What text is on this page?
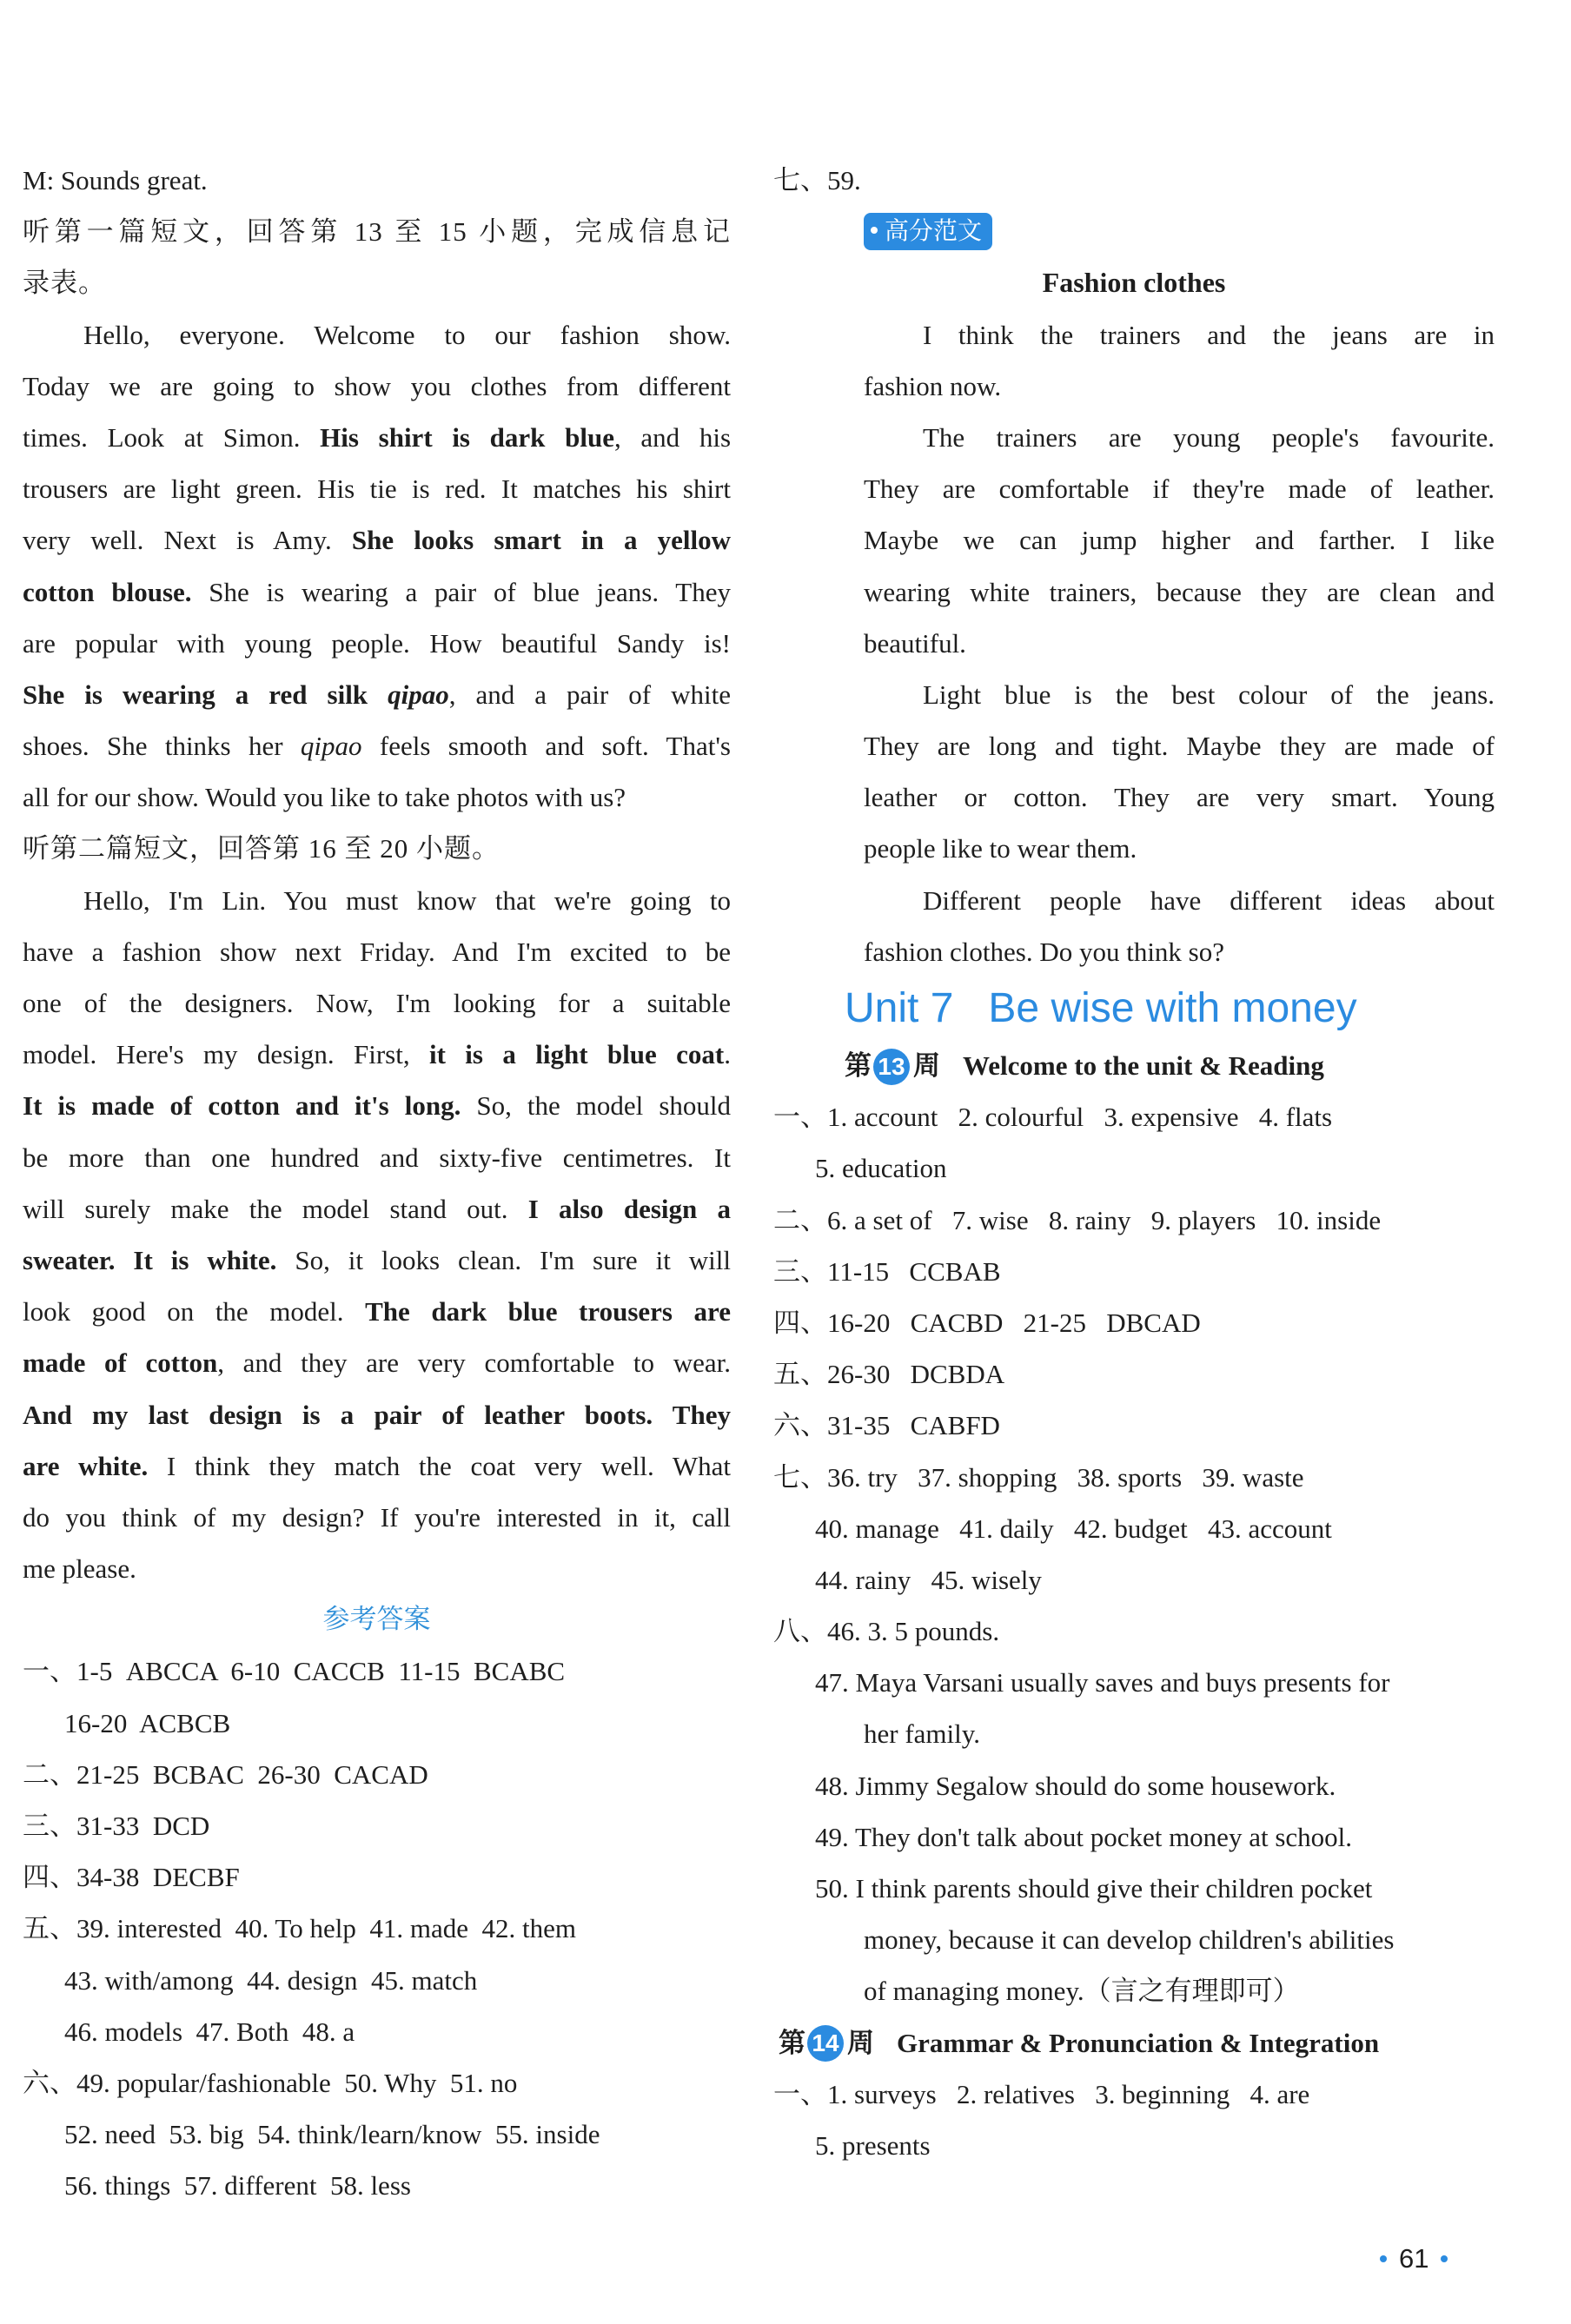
M: Sounds great.
听第一篇短文，回答第 13 至 15 小题，完成信息记
录表。
Hello, everyone. Welcome to our fashion show.
Today we are going to show you clothes from different
times. Look at Simon. His shirt is dark blue, and his
trousers are light green. His tie is red. It matches his shirt
very well. Next is Amy. She looks smart in a yellow
cotton blouse. She is wearing a pair of blue jeans. They
are popular with young people. How beautiful Sandy is!
She is wearing a red silk qipao, and a pair of white
shoes. She thinks her qipao feels smooth and soft. That's
all for our show. Would you like to take photos with us?
听第二篇短文，回答第 16 至 20 小题。
Hello, I'm Lin. You must know that we're going to
have a fashion show next Friday. And I'm excited to be
one of the designers. Now, I'm looking for a suitable
model. Here's my design. First, it is a light blue coat.
It is made of cotton and it's long. So, the model should
be more than one hundred and sixty-five centimetres. It
will surely make the model stand out. I also design a
sweater. It is white. So, it looks clean. I'm sure it will
look good on the model. The dark blue trousers are
made of cotton, and they are very comfortable to wear.
And my last design is a pair of leather boots. They
are white. I think they match the coat very well. What
do you think of my design? If you're interested in it, call
me please.
参考答案
一、1-5  ABCCA  6-10  CACCB  11-15  BCABC
16-20  ACBCB
二、21-25  BCBAC  26-30  CACAD
三、31-33  DCD
四、34-38  DECBF
五、39. interested  40. To help  41. made  42. them
43. with/among  44. design  45. match
46. models  47. Both  48. a
六、49. popular/fashionable  50. Why  51. no
52. need  53. big  54. think/learn/know  55. inside
56. things  57. different  58. less
七、59.
高分范文
Fashion clothes
I think the trainers and the jeans are in
fashion now.
The trainers are young people's favourite.
They are comfortable if they're made of leather.
Maybe we can jump higher and farther. I like
wearing white trainers, because they are clean and
beautiful.
Light blue is the best colour of the jeans.
They are long and tight. Maybe they are made of
leather or cotton. They are very smart. Young
people like to wear them.
Different people have different ideas about
fashion clothes. Do you think so?
Unit 7 Be wise with money
第 13 周 Welcome to the unit & Reading
一、1. account   2. colourful   3. expensive   4. flats
5. education
二、6. a set of   7. wise   8. rainy   9. players   10. inside
三、11-15   CCBAB
四、16-20   CACBD   21-25   DBCAD
五、26-30   DCBDA
六、31-35   CABFD
七、36. try   37. shopping   38. sports   39. waste
40. manage   41. daily   42. budget   43. account
44. rainy   45. wisely
八、46. 3. 5 pounds.
47. Maya Varsani usually saves and buys presents for
her family.
48. Jimmy Segalow should do some housework.
49. They don't talk about pocket money at school.
50. I think parents should give their children pocket
money, because it can develop children's abilities
of managing money.（言之有理即可）
第 14 周 Grammar & Pronunciation & Integration
一、1. surveys   2. relatives   3. beginning   4. are
5. presents
61
